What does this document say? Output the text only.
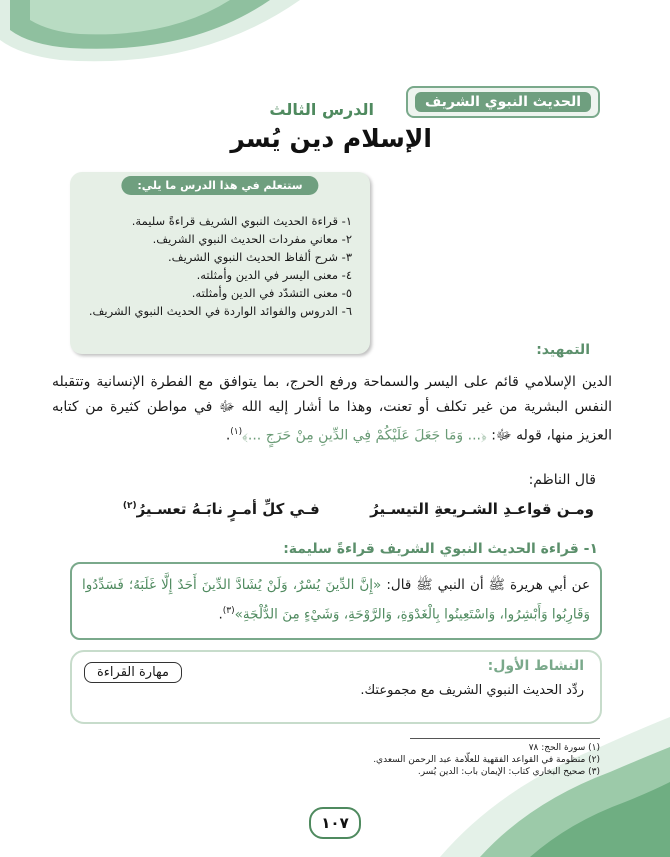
الحديث النبوي الشريف
الدرس الثالث
الإسلام دين يُسر
ستتعلم في هذا الدرس ما يلي:
١- قراءة الحديث النبوي الشريف قراءةً سليمة.
٢- معاني مفردات الحديث النبوي الشريف.
٣- شرح ألفاظ الحديث النبوي الشريف.
٤- معنى اليسر في الدين وأمثلته.
٥- معنى التشدّد في الدين وأمثلته.
٦- الدروس والفوائد الواردة في الحديث النبوي الشريف.
التمهيد:
الدين الإسلامي قائم على اليسر والسماحة ورفع الحرج، بما يتوافق مع الفطرة الإنسانية وتتقبله النفس البشرية من غير تكلف أو تعنت، وهذا ما أشار إليه الله ﷻ في مواطن كثيرة من كتابه العزيز منها، قوله ﷻ: ﴿... وَمَا جَعَلَ عَلَيْكُمْ فِي الدِّينِ مِنْ حَرَجٍ ...﴾$^{(١)}$.
قال الناظم:
ومـن قواعـدِ الشـريعةِ التيسـيرُ  فـي كلِّ أمـرٍ نابَـهُ تعسـيرُ$^{(٢)}$
١- قراءة الحديث النبوي الشريف قراءةً سليمة:
عن أبي هريرة ﷺ أن النبي ﷺ قال: «إِنَّ الدِّينَ يُسْرٌ، وَلَنْ يُشَادَّ الدِّينَ أَحَدٌ إِلَّا غَلَبَهُ؛ فَسَدِّدُوا وَقَارِبُوا وَأَبْشِرُوا، وَاسْتَعِينُوا بِالْغَدْوَةِ، وَالرَّوْحَةِ، وَشَيْءٍ مِنَ الدُّلْجَةِ»$^{(٣)}$.
النشاط الأول:
ردِّد الحديث النبوي الشريف مع مجموعتك.
مهارة القراءة
(١) سورة الحج: ٧٨
(٢) منظومة في القواعد الفقهية للعلّامة عبد الرحمن السعدي.
(٣) صحيح البخاري كتاب: الإيمان باب: الدين يُسر.
١٠٧
